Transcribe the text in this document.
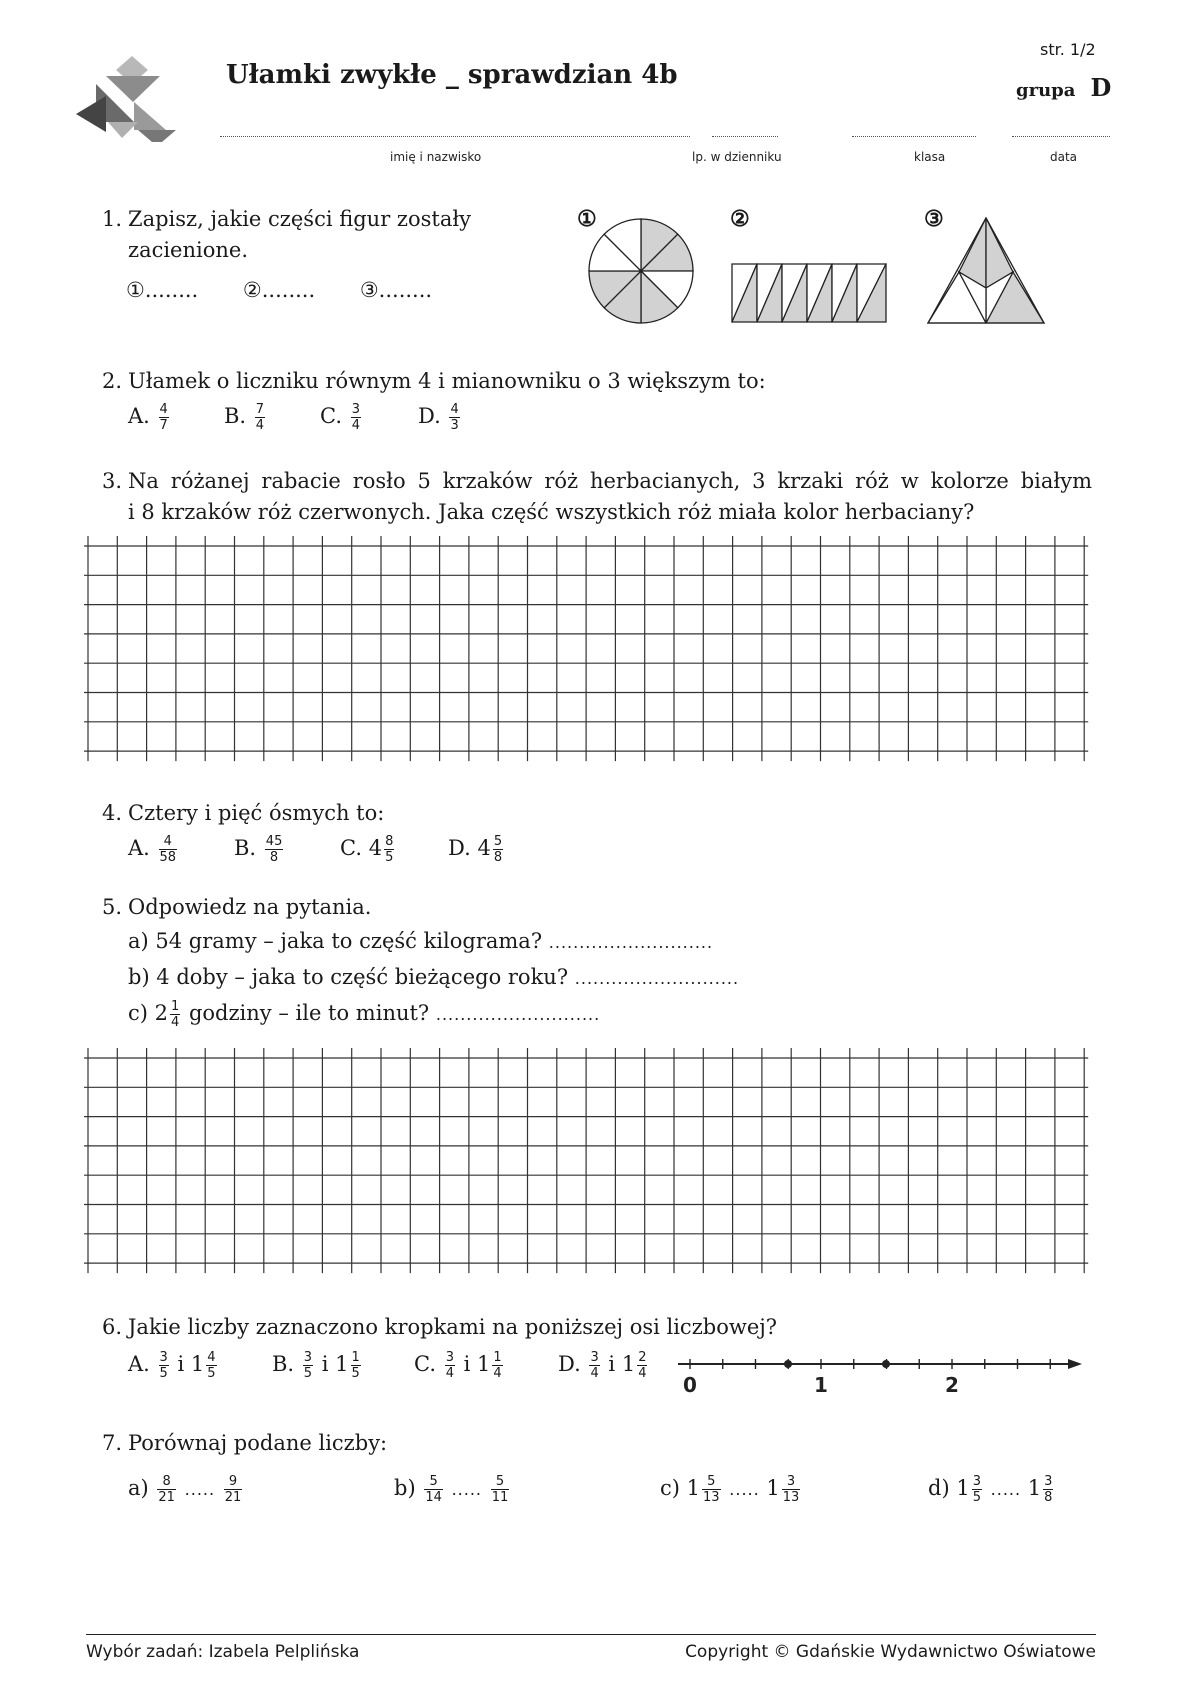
Ułamki zwykłe _ sprawdzian 4b
str. 1/2
grupa D
imię i nazwisko	lp. w dzienniku	klasa	data
1. Zapisz, jakie części figur zostały zacienione.
①........ ②........ ③........
①	②	③
2. Ułamek o liczniku równym 4 i mianowniku o 3 większym to:
A. $\frac{4}{7}$	B. $\frac{7}{4}$	C. $\frac{3}{4}$	D. $\frac{4}{3}$
3. Na różanej rabacie rosło 5 krzaków róż herbacianych, 3 krzaki róż w kolorze białym
i 8 krzaków róż czerwonych. Jaka część wszystkich róż miała kolor herbaciany?
4. Cztery i pięć ósmych to:
A. $\frac{4}{58}$	B. $\frac{45}{8}$	C. $4 \frac{8}{5}$	D. $4 \frac{5}{8}$
5. Odpowiedz na pytania.
a) 54 gramy – jaka to część kilograma? ...........................
b) 4 doby – jaka to część bieżącego roku? ...........................
c) $2 \frac{1}{4}$ godziny – ile to minut? ...........................
6. Jakie liczby zaznaczono kropkami na poniższej osi liczbowej?
A. $\frac{3}{5}$ i $1 \frac{4}{5}$	B. $\frac{3}{5}$ i $1 \frac{1}{5}$	C. $\frac{3}{4}$ i $1 \frac{1}{4}$	D. $\frac{3}{4}$ i $1 \frac{2}{4}$
0	1	2
7. Porównaj podane liczby:
$a) \frac{8}{21}$ ..... $\frac{9}{21}$	$b) \frac{5}{14}$ ..... $\frac{5}{11}$	c) $1 \frac{5}{13}$ ..... $1 \frac{3}{13}$	d) $1 \frac{3}{5}$ ..... $1 \frac{3}{8}$
Wybór zadań: Izabela Pelplińska	Copyright © Gdańskie Wydawnictwo Oświatowe
